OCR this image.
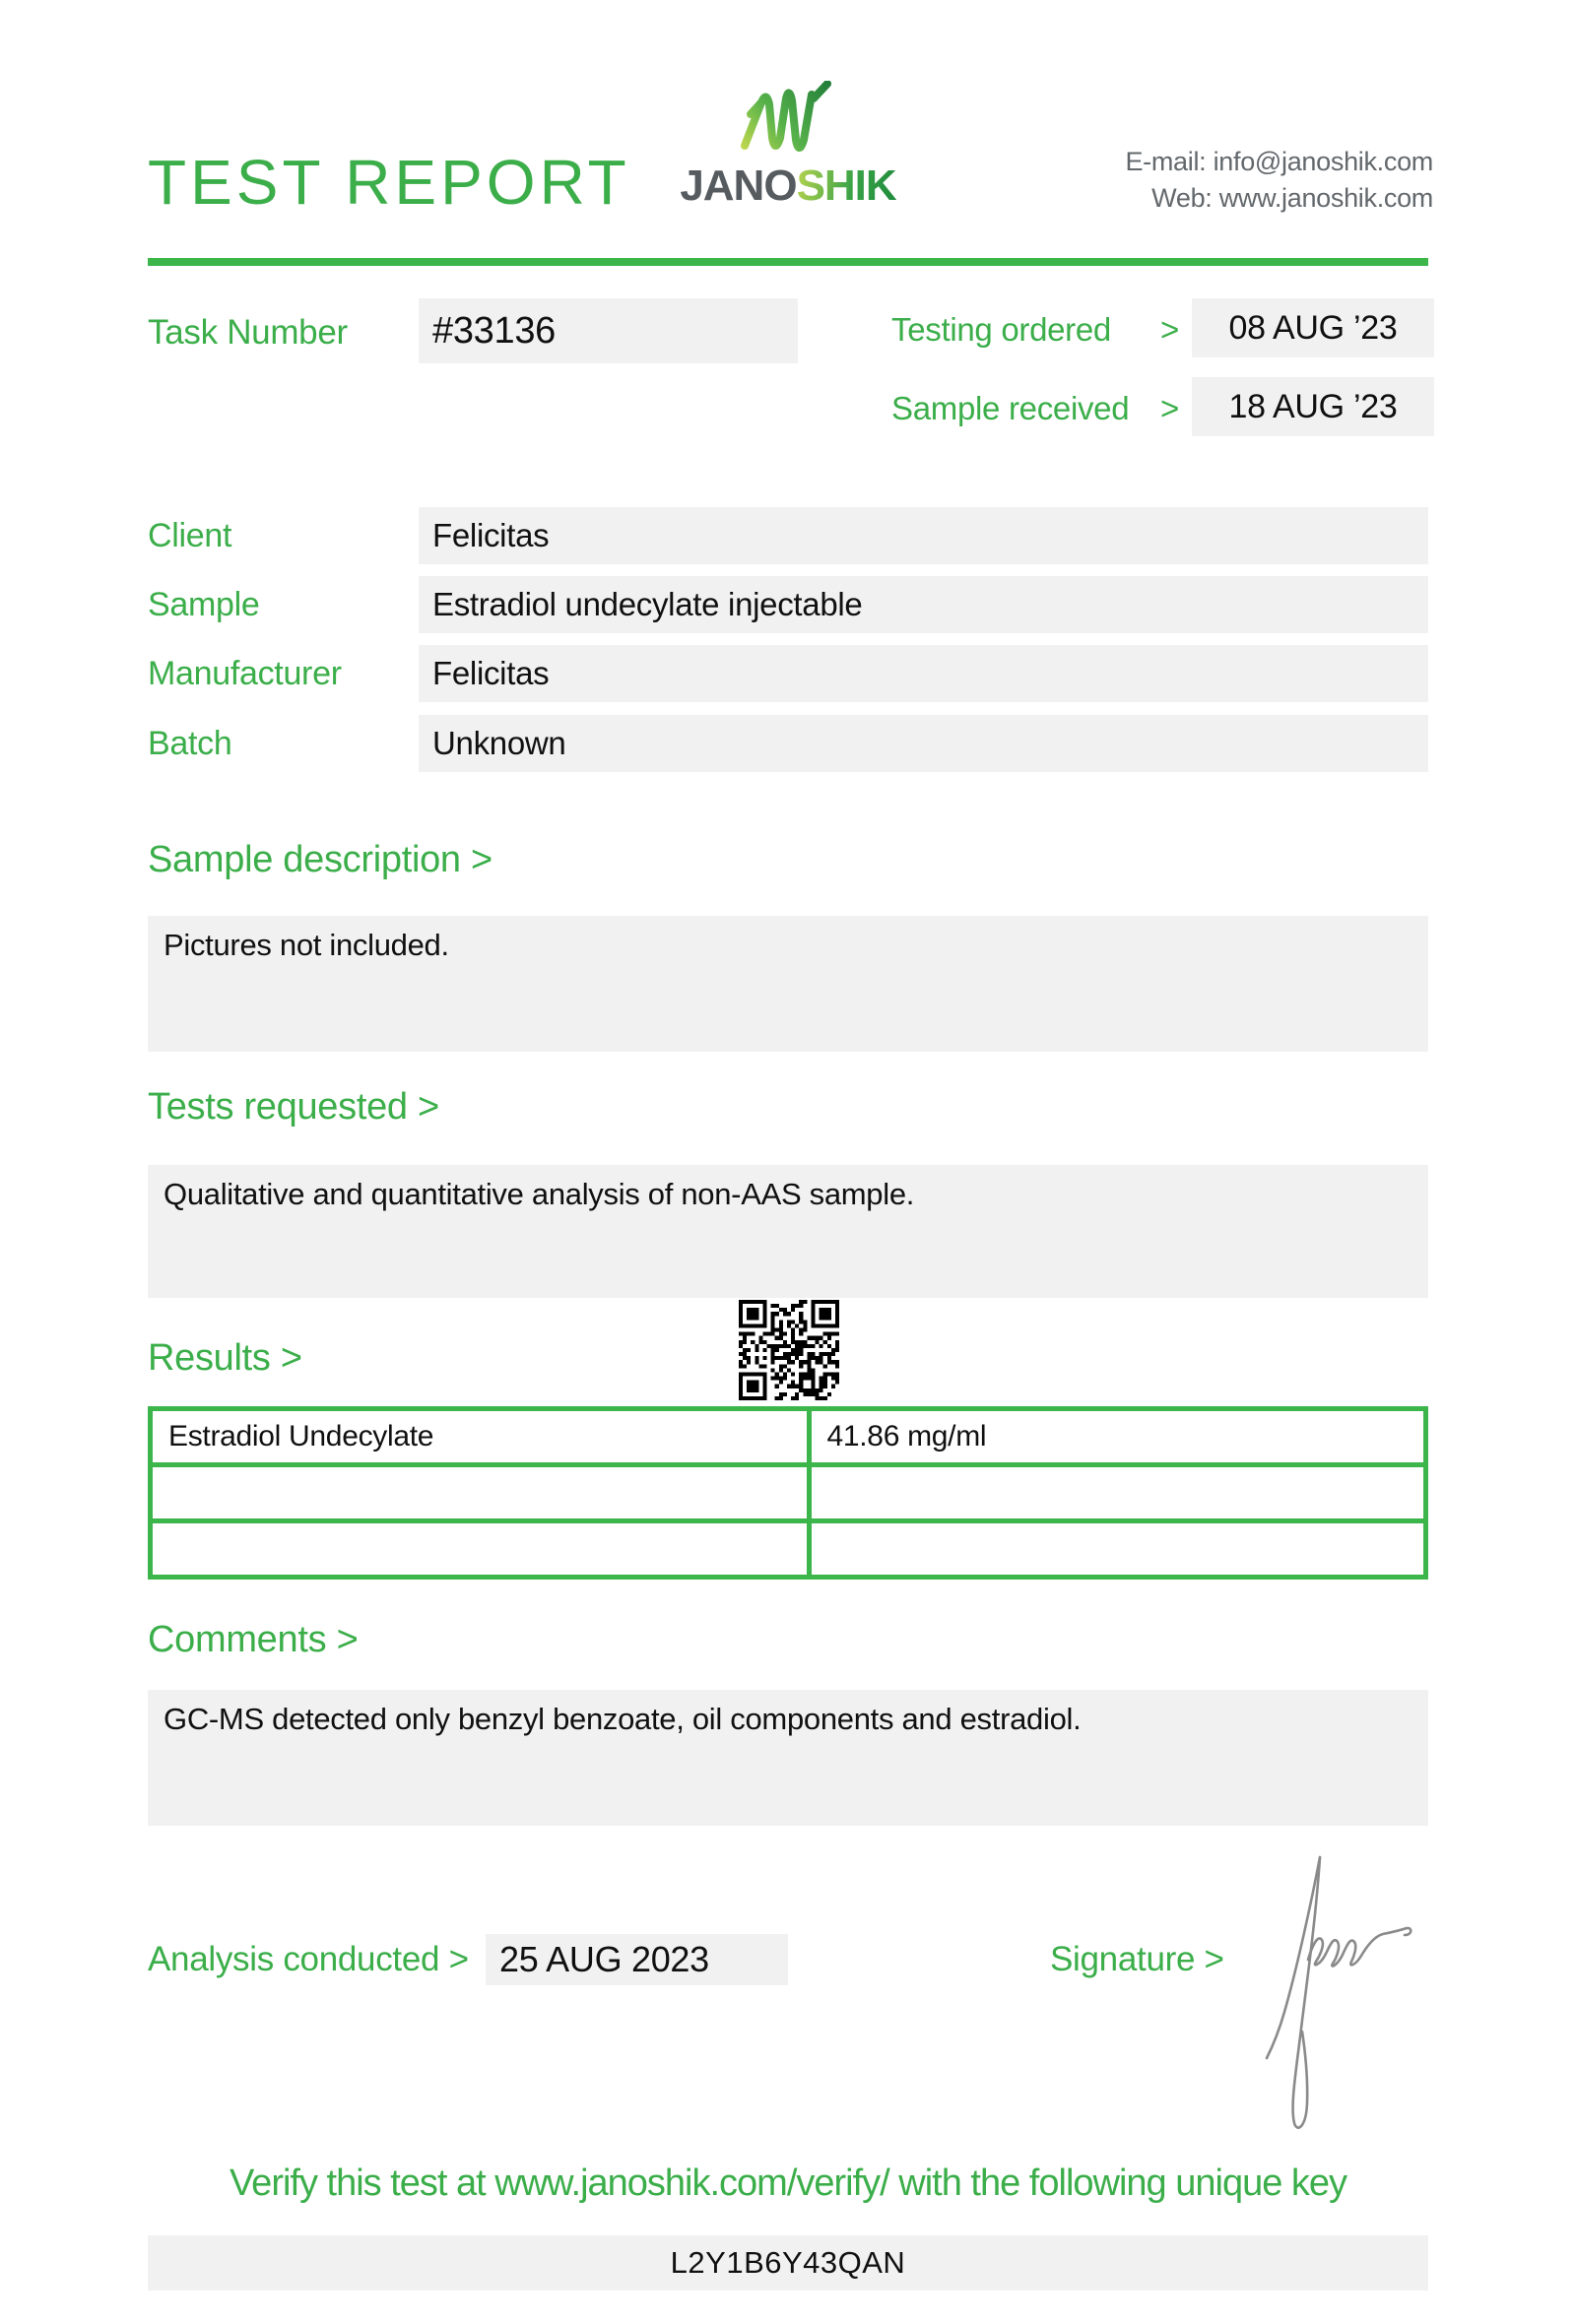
TEST REPORT	JANOSHIK	E-mail: info@janoshik.com
Web: www.janoshik.com
Task Number	#33136	Testing ordered >	08 AUG ’23
Sample received >	18 AUG ’23
Client	Felicitas
Sample	Estradiol undecylate injectable
Manufacturer	Felicitas
Batch	Unknown
Sample description >
Pictures not included.
Tests requested >
Qualitative and quantitative analysis of non-AAS sample.
Results >
Estradiol Undecylate	41.86 mg/ml

Comments >
GC-MS detected only benzyl benzoate, oil components and estradiol.
Analysis conducted > 25 AUG 2023	Signature >
Verify this test at www.janoshik.com/verify/ with the following unique key
L2Y1B6Y43QAN
